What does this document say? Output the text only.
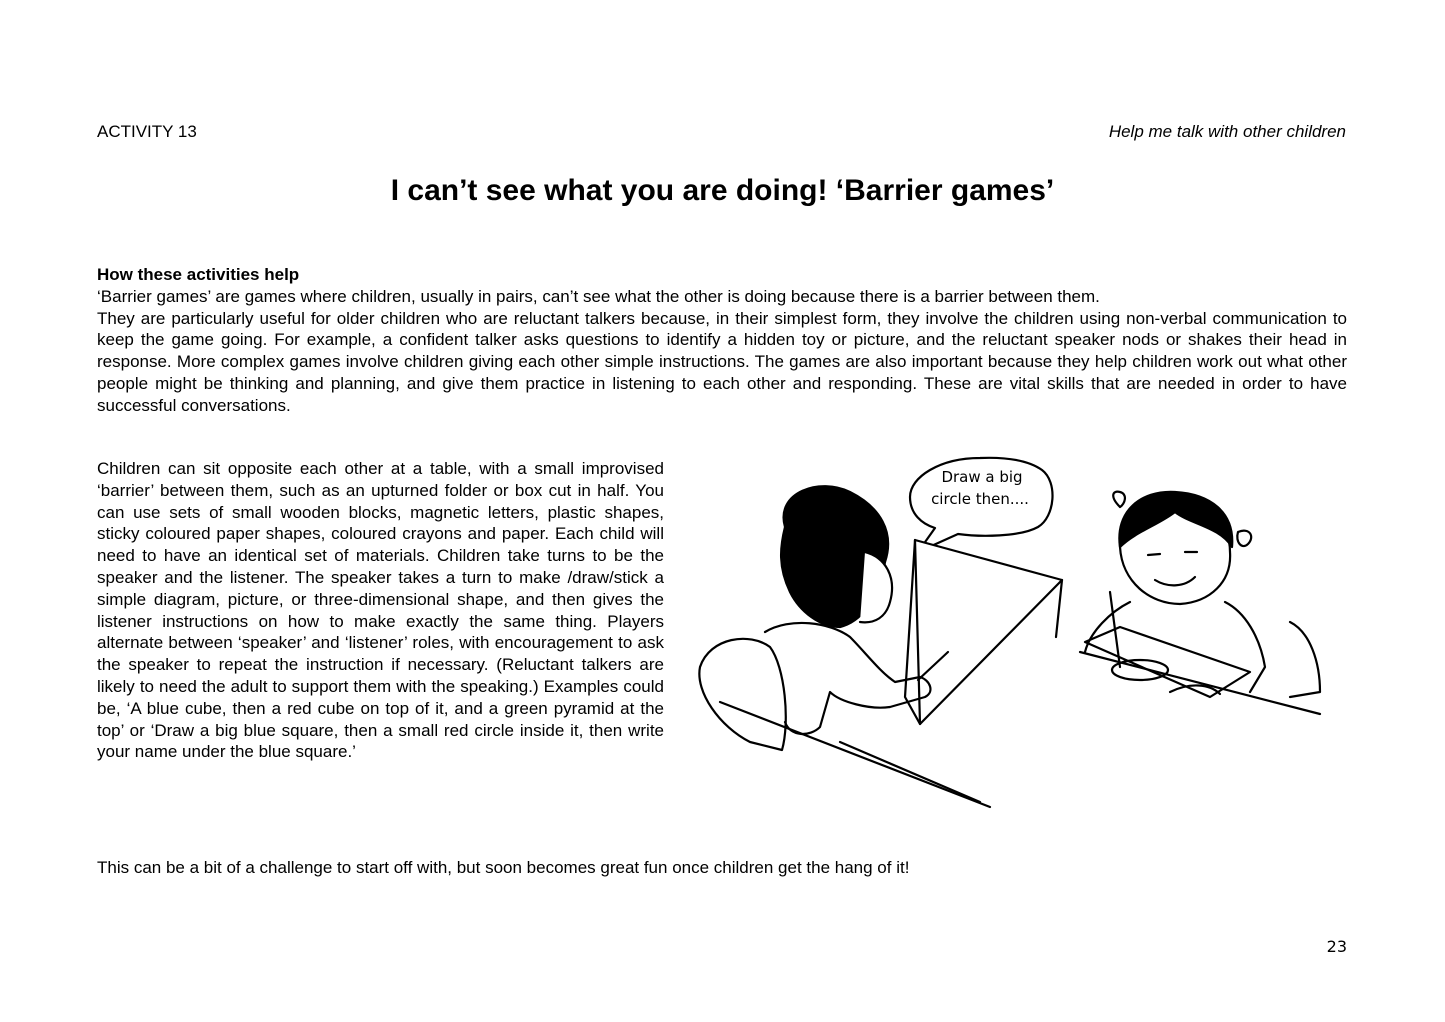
ACTIVITY 13	Help me talk with other children
I can’t see what you are doing! ‘Barrier games’
How these activities help

‘Barrier games’ are games where children, usually in pairs, can’t see what the other is doing because there is a barrier between them.

They are particularly useful for older children who are reluctant talkers because, in their simplest form, they involve the children using non-verbal communication to keep the game going. For example, a confident talker asks questions to identify a hidden toy or picture, and the reluctant speaker nods or shakes their head in response. More complex games involve children giving each other simple instructions. The games are also important because they help children work out what other people might be thinking and planning, and give them practice in listening to each other and responding. These are vital skills that are needed in order to have successful conversations.

Children can sit opposite each other at a table, with a small improvised ‘barrier’ between them, such as an upturned folder or box cut in half. You can use sets of small wooden blocks, magnetic letters, plastic shapes, sticky coloured paper shapes, coloured crayons and paper. Each child will need to have an identical set of materials. Children take turns to be the speaker and the listener. The speaker takes a turn to make /draw/stick a simple diagram, picture, or three-dimensional shape, and then gives the listener instructions on how to make exactly the same thing. Players alternate between ‘speaker’ and ‘listener’ roles, with encouragement to ask the speaker to repeat the instruction if necessary. (Reluctant talkers are likely to need the adult to support them with the speaking.) Examples could be, ‘A blue cube, then a red cube on top of it, and a green pyramid at the top’ or ‘Draw a big blue square, then a small red circle inside it, then write your name under the blue square.’

Draw a big
circle then....

This can be a bit of a challenge to start off with, but soon becomes great fun once children get the hang of it!

23
